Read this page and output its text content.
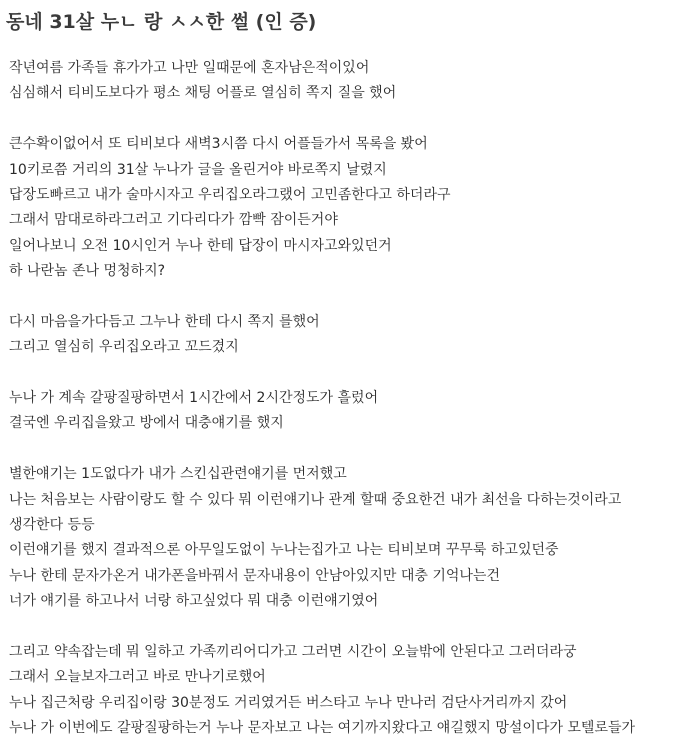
동네 31살 누ㄴ 랑 ㅅㅅ한 썰 (인 증)
작년여름 가족들 휴가가고 나만 일때문에 혼자남은적이있어
심심해서 티비도보다가 평소 채팅 어플로 열심히 쪽지 질을 했어
큰수확이없어서 또 티비보다 새벽3시쯤 다시 어플들가서 목록을 봤어
10키로쯤 거리의 31살 누나가 글을 올린거야 바로쪽지 날렸지
답장도빠르고 내가 술마시자고 우리집오라그랬어 고민좀한다고 하더라구
그래서 맘대로하라그러고 기다리다가 깜빡 잠이든거야
일어나보니 오전 10시인거 누나 한테 답장이 마시자고와있던거
하 나란놈 존나 멍청하지?
다시 마음을가다듬고 그누나 한테 다시 쪽지 를했어
그리고 열심히 우리집오라고 꼬드겼지
누나 가 계속 갈팡질팡하면서 1시간에서 2시간정도가 흘렀어
결국엔 우리집을왔고 방에서 대충얘기를 했지
별한얘기는 1도없다가 내가 스킨십관련얘기를 먼저했고
나는 처음보는 사람이랑도 할 수 있다 뭐 이런얘기나 관계 할때 중요한건 내가 최선을 다하는것이라고
생각한다 등등
이런얘기를 했지 결과적으론 아무일도없이 누나는집가고 나는 티비보며 꾸무룩 하고있던중
누나 한테 문자가온거 내가폰을바꿔서 문자내용이 안남아있지만 대충 기억나는건
너가 얘기를 하고나서 너랑 하고싶었다 뭐 대충 이런얘기였어
그리고 약속잡는데 뭐 일하고 가족끼리어디가고 그러면 시간이 오늘밖에 안된다고 그러더라궁
그래서 오늘보자그러고 바로 만나기로했어
누나 집근처랑 우리집이랑 30분정도 거리였거든 버스타고 누나 만나러 검단사거리까지 갔어
누나 가 이번에도 갈팡질팡하는거 누나 문자보고 나는 여기까지왔다고 얘길했지 망설이다가 모텔로들가
